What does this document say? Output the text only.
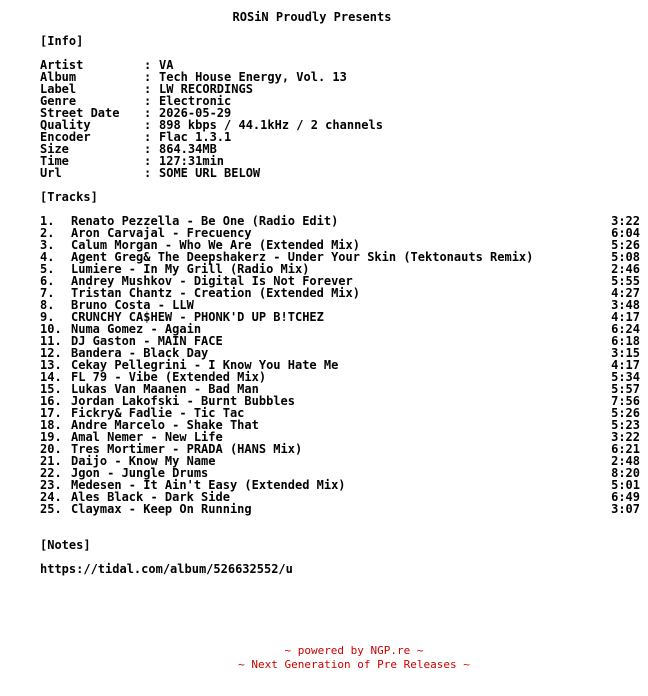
ROSiN Proudly Presents
[Info]
Artist	: VA
Album	: Tech House Energy, Vol. 13
Label	: LW RECORDINGS
Genre	: Electronic
Street Date : 2026-05-29
Quality	: 898 kbps / 44.1kHz / 2 channels
Encoder	: Flac 1.3.1
Size	: 864.34MB
Time	: 127:31min
Url	: SOME URL BELOW
[Tracks]
1. Renato Pezzella - Be One (Radio Edit)	3:22
2. Aron Carvajal - Frecuency	6:04
3. Calum Morgan - Who We Are (Extended Mix)	5:26
4. Agent Greg& The Deepshakerz - Under Your Skin (Tektonauts Remix)	5:08
5. Lumiere - In My Grill (Radio Mix)	2:46
6. Andrey Mushkov - Digital Is Not Forever	5:55
7. Tristan Chantz - Creation (Extended Mix)	4:27
8. Bruno Costa - LLW	3:48
9. CRUNCHY CA$HEW - PHONK'D UP B!TCHEZ	4:17
10. Numa Gomez - Again	6:24
11. DJ Gaston - MAIN FACE	6:18
12. Bandera - Black Day	3:15
13. Cekay Pellegrini - I Know You Hate Me	4:17
14. FL 79 - Vibe (Extended Mix)	5:34
15. Lukas Van Maanen - Bad Man	5:57
16. Jordan Lakofski - Burnt Bubbles	7:56
17. Fickry& Fadlie - Tic Tac	5:26
18. Andre Marcelo - Shake That	5:23
19. Amal Nemer - New Life	3:22
20. Tres Mortimer - PRADA (HANS Mix)	6:21
21. Daijo - Know My Name	2:48
22. Jgon - Jungle Drums	8:20
23. Medesen - It Ain't Easy (Extended Mix)	5:01
24. Ales Black - Dark Side	6:49
25. Claymax - Keep On Running	3:07
[Notes]
https://tidal.com/album/526632552/u
~ powered by NGP.re ~
~ Next Generation of Pre Releases ~
